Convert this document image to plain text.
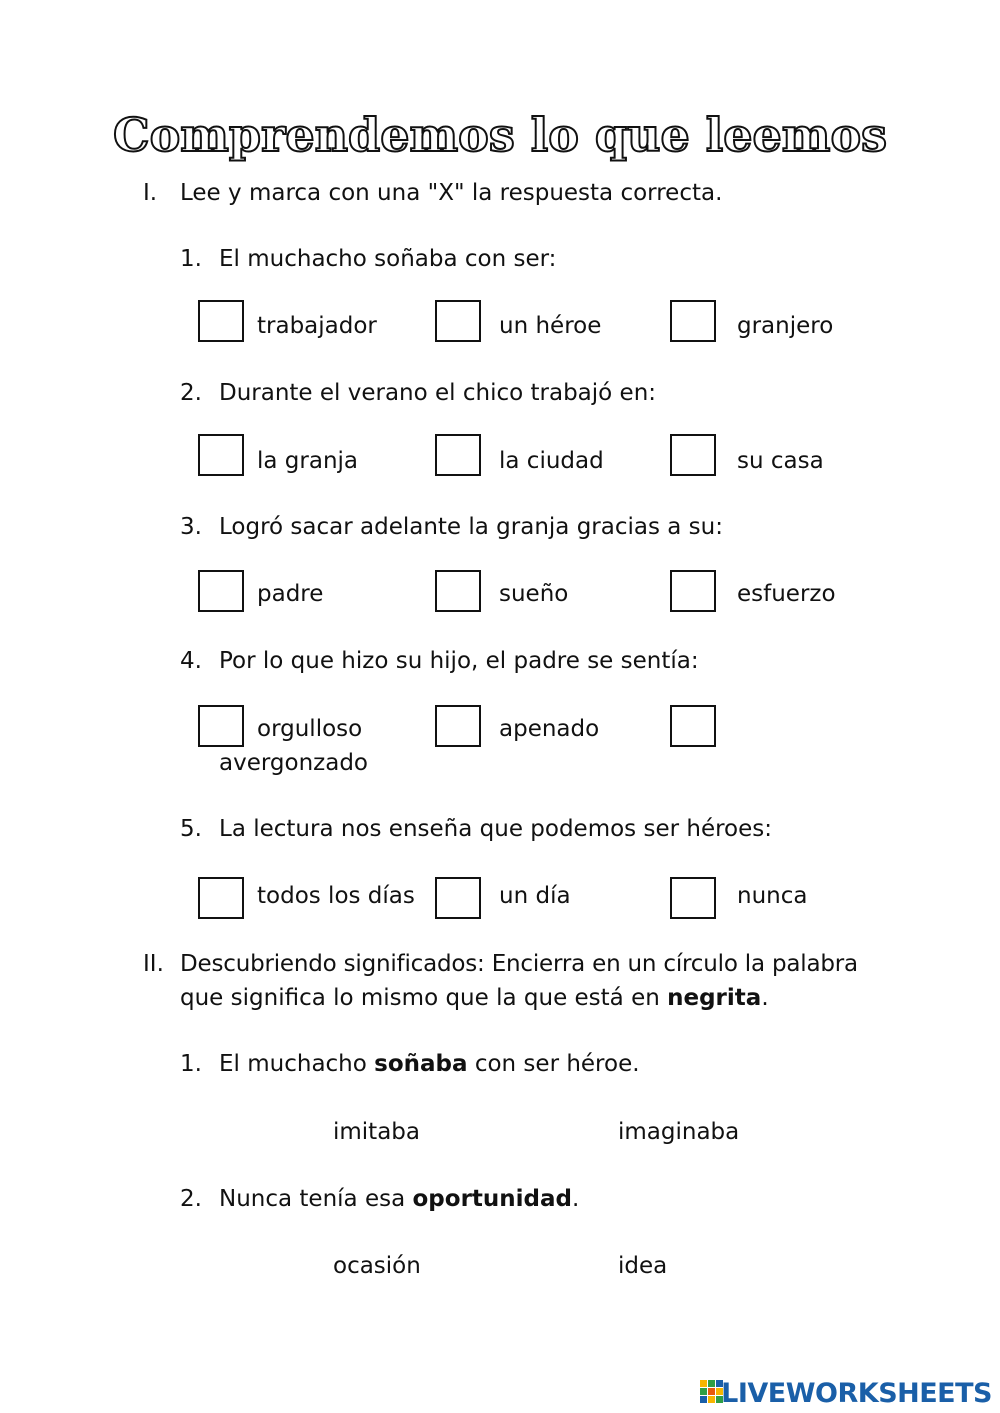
Comprendemos lo que leemos
I. Lee y marca con una "X" la respuesta correcta.
1. El muchacho soñaba con ser:
trabajador	un héroe	granjero
2. Durante el verano el chico trabajó en:
la granja	la ciudad	su casa
3. Logró sacar adelante la granja gracias a su:
padre	sueño	esfuerzo
4. Por lo que hizo su hijo, el padre se sentía:
orgulloso	apenado
avergonzado
5. La lectura nos enseña que podemos ser héroes:
todos los días	un día	nunca
II. Descubriendo significados: Encierra en un círculo la palabra
que significa lo mismo que la que está en negrita.
1. El muchacho soñaba con ser héroe.
imitaba	imaginaba
2. Nunca tenía esa oportunidad.
ocasión	idea
LIVEWORKSHEETS
